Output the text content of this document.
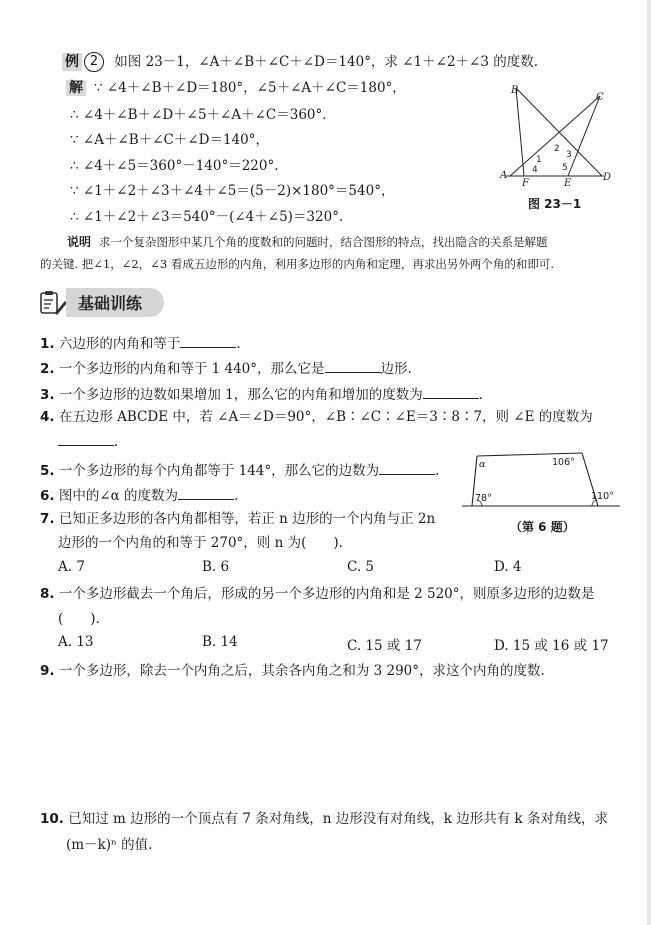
例 2	如图 23－1，∠A＋∠B＋∠C＋∠D＝140°，求 ∠1＋∠2＋∠3 的度数.
解 ∵ ∠4＋∠B＋∠D＝180°，∠5＋∠A＋∠C＝180°，
∴ ∠4＋∠B＋∠D＋∠5＋∠A＋∠C＝360°.
∵ ∠A＋∠B＋∠C＋∠D＝140°，
∴ ∠4＋∠5＝360°－140°＝220°.
∵ ∠1＋∠2＋∠3＋∠4＋∠5＝(5－2)×180°＝540°，
∴ ∠1＋∠2＋∠3＝540°－(∠4＋∠5)＝320°.
B
C
A	D
E
F
1
2
3
4	5
图 23－1
说明 求一个复杂图形中某几个角的度数和的问题时，结合图形的特点，找出隐含的关系是解题
的关键. 把∠1，∠2，∠3 看成五边形的内角，利用多边形的内角和定理，再求出另外两个角的和即可.
基础训练
1. 六边形的内角和等于	.
2. 一个多边形的内角和等于 1 440°，那么它是	边形.
3. 一个多边形的边数如果增加 1，那么它的内角和增加的度数为	.
4. 在五边形 ABCDE 中，若 ∠A＝∠D＝90°，∠B∶∠C∶∠E＝3∶8∶7，则 ∠E 的度数为
.
5. 一个多边形的每个内角都等于 144°，那么它的边数为	.
6. 图中的∠α 的度数为	.
α	106°
78°	110°
（第 6 题）
7. 已知正多边形的各内角都相等，若正 n 边形的一个内角与正 2n
边形的一个内角的和等于 270°，则 n 为(　　).
A. 7	B. 6	C. 5	D. 4
8. 一个多边形截去一个角后，形成的另一个多边形的内角和是 2 520°，则原多边形的边数是
(　　).
A. 13	B. 14	C. 15 或 17	D. 15 或 16 或 17
9. 一个多边形，除去一个内角之后，其余各内角之和为 3 290°，求这个内角的度数.
10. 已知过 m 边形的一个顶点有 7 条对角线，n 边形没有对角线，k 边形共有 k 条对角线，求
(m－k)ⁿ 的值.
